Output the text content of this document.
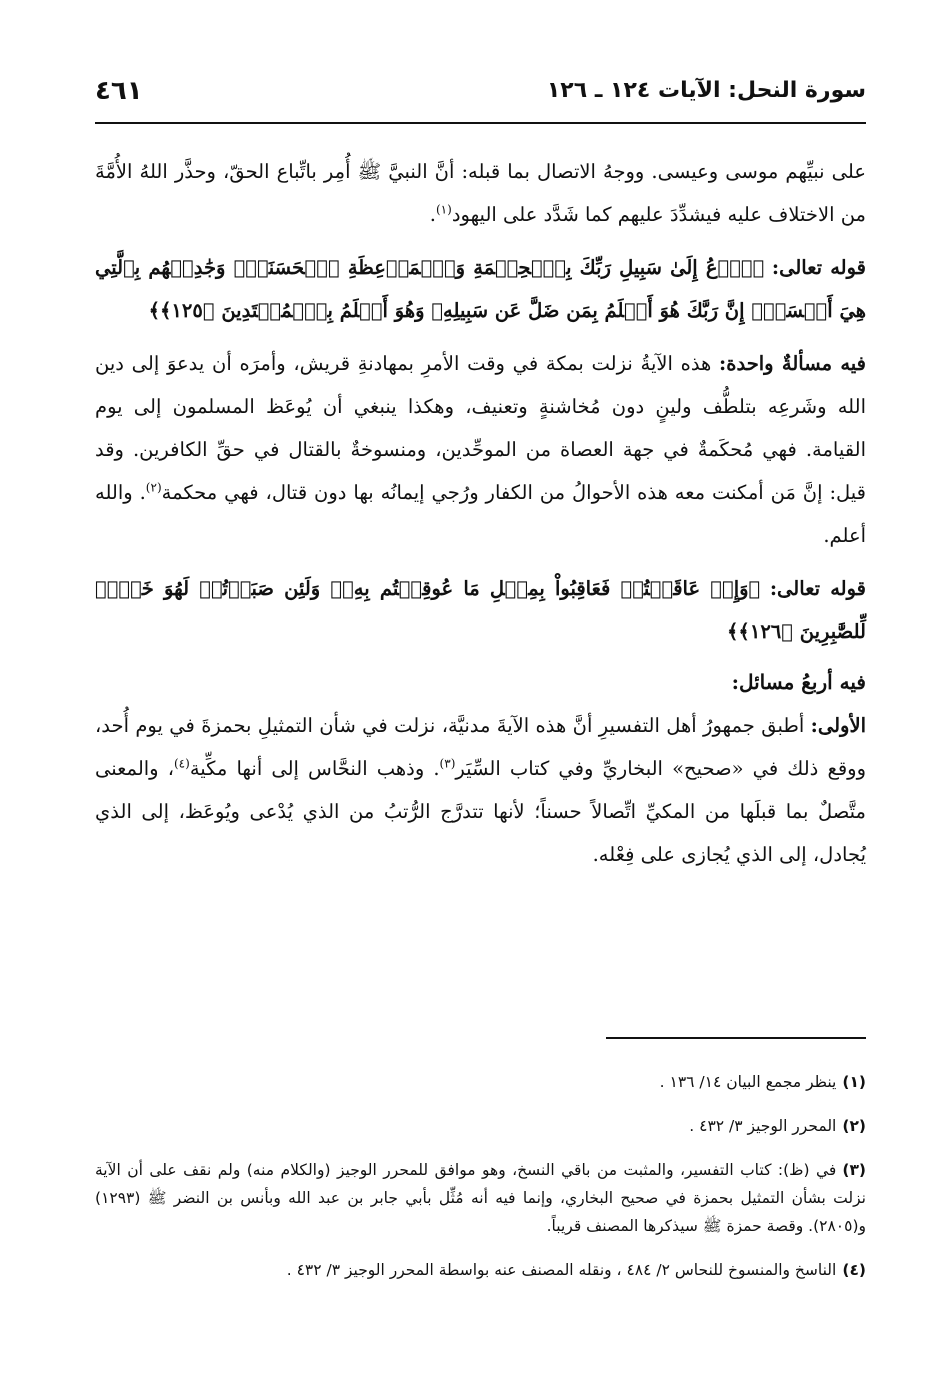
سورة النحل: الآيات ١٢٤ ـ ١٢٦
٤٦١
على نبيِّهم موسى وعيسى. ووجهُ الاتصال بما قبله: أنَّ النبيَّ ﷺ أُمِر باتِّباع الحقّ، وحذَّر اللهُ الأُمَّةَ من الاختلاف عليه فيشدِّدَ عليهم كما شَدَّد على اليهود$^{(١)}$.
قوله تعالى: ﴿ٱدۡعُ إِلَىٰ سَبِيلِ رَبِّكَ بِٱلۡحِكۡمَةِ وَٱلۡمَوۡعِظَةِ ٱلۡحَسَنَةِۖ وَجَٰدِلۡهُم بِٱلَّتِي هِيَ أَحۡسَنُۚ إِنَّ رَبَّكَ هُوَ أَعۡلَمُ بِمَن ضَلَّ عَن سَبِيلِهِۦ وَهُوَ أَعۡلَمُ بِٱلۡمُهۡتَدِينَ ﴿١٢٥﴾﴾
فيه مسألةٌ واحدة: هذه الآيةُ نزلت بمكة في وقت الأمرِ بمهادنةِ قريش، وأمرَه أن يدعوَ إلى دين الله وشَرعِه بتلطُّف ولينٍ دون مُخاشنةٍ وتعنيف، وهكذا ينبغي أن يُوعَظ المسلمون إلى يوم القيامة. فهي مُحكَمةٌ في جهة العصاة من الموحِّدين، ومنسوخةٌ بالقتال في حقِّ الكافرين. وقد قيل: إنَّ مَن أمكنت معه هذه الأحوالُ من الكفار ورُجي إيمانُه بها دون قتال، فهي محكمة$^{(٢)}$. والله أعلم.
قوله تعالى: ﴿وَإِنۡ عَاقَبۡتُمۡ فَعَاقِبُواْ بِمِثۡلِ مَا عُوقِبۡتُم بِهِۦۖ وَلَئِن صَبَرۡتُمۡ لَهُوَ خَيۡرٞ لِّلصَّٰبِرِينَ ﴿١٢٦﴾﴾
فيه أربعُ مسائل:
الأولى: أطبق جمهورُ أهل التفسيرِ أنَّ هذه الآيةَ مدنيَّة، نزلت في شأن التمثيلِ بحمزةَ في يوم أُحد، ووقع ذلك في «صحيح» البخاريِّ وفي كتاب السِّيَر$^{(٣)}$. وذهب النحَّاس إلى أنها مكِّية$^{(٤)}$، والمعنى متَّصلٌ بما قبلَها من المكيِّ اتِّصالاً حسناً؛ لأنها تتدرَّج الرُّتبُ من الذي يُدْعى ويُوعَظ، إلى الذي يُجادل، إلى الذي يُجازى على فِعْله.
(١)ينظر مجمع البيان ١٤/ ١٣٦ .
(٢)المحرر الوجيز ٣/ ٤٣٢ .
(٣)في (ظ): كتاب التفسير، والمثبت من باقي النسخ، وهو موافق للمحرر الوجيز (والكلام منه) ولم نقف على أن الآية نزلت بشأن التمثيل بحمزة في صحيح البخاري، وإنما فيه أنه مُثِّل بأبي جابر بن عبد الله وبأنس بن النضر ﷺ (١٢٩٣) و(٢٨٠٥). وقصة حمزة ﷺ سيذكرها المصنف قريباً.
(٤)الناسخ والمنسوخ للنحاس ٢/ ٤٨٤ ، ونقله المصنف عنه بواسطة المحرر الوجيز ٣/ ٤٣٢ .
